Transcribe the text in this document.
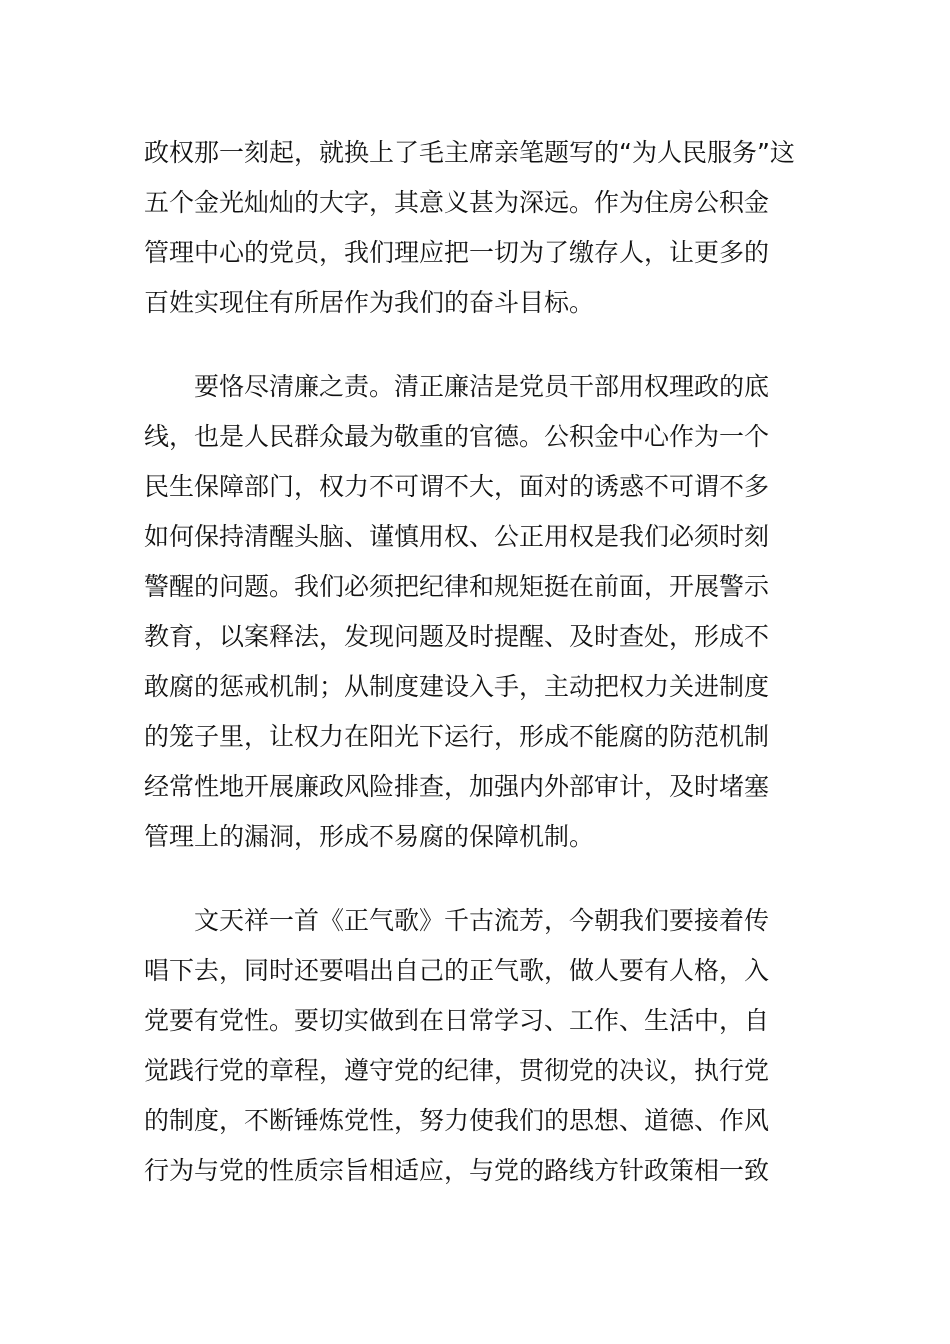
政权那一刻起，就换上了毛主席亲笔题写的“为人民服务”这
五个金光灿灿的大字，其意义甚为深远。作为住房公积金
管理中心的党员，我们理应把一切为了缴存人，让更多的
百姓实现住有所居作为我们的奋斗目标。
要恪尽清廉之责。清正廉洁是党员干部用权理政的底
线，也是人民群众最为敬重的官德。公积金中心作为一个
民生保障部门，权力不可谓不大，面对的诱惑不可谓不多
如何保持清醒头脑、谨慎用权、公正用权是我们必须时刻
警醒的问题。我们必须把纪律和规矩挺在前面，开展警示
教育，以案释法，发现问题及时提醒、及时查处，形成不
敢腐的惩戒机制；从制度建设入手，主动把权力关进制度
的笼子里，让权力在阳光下运行，形成不能腐的防范机制
经常性地开展廉政风险排查，加强内外部审计，及时堵塞
管理上的漏洞，形成不易腐的保障机制。
文天祥一首《正气歌》千古流芳，今朝我们要接着传
唱下去，同时还要唱出自己的正气歌，做人要有人格，入
党要有党性。要切实做到在日常学习、工作、生活中，自
觉践行党的章程，遵守党的纪律，贯彻党的决议，执行党
的制度，不断锤炼党性，努力使我们的思想、道德、作风
行为与党的性质宗旨相适应，与党的路线方针政策相一致
